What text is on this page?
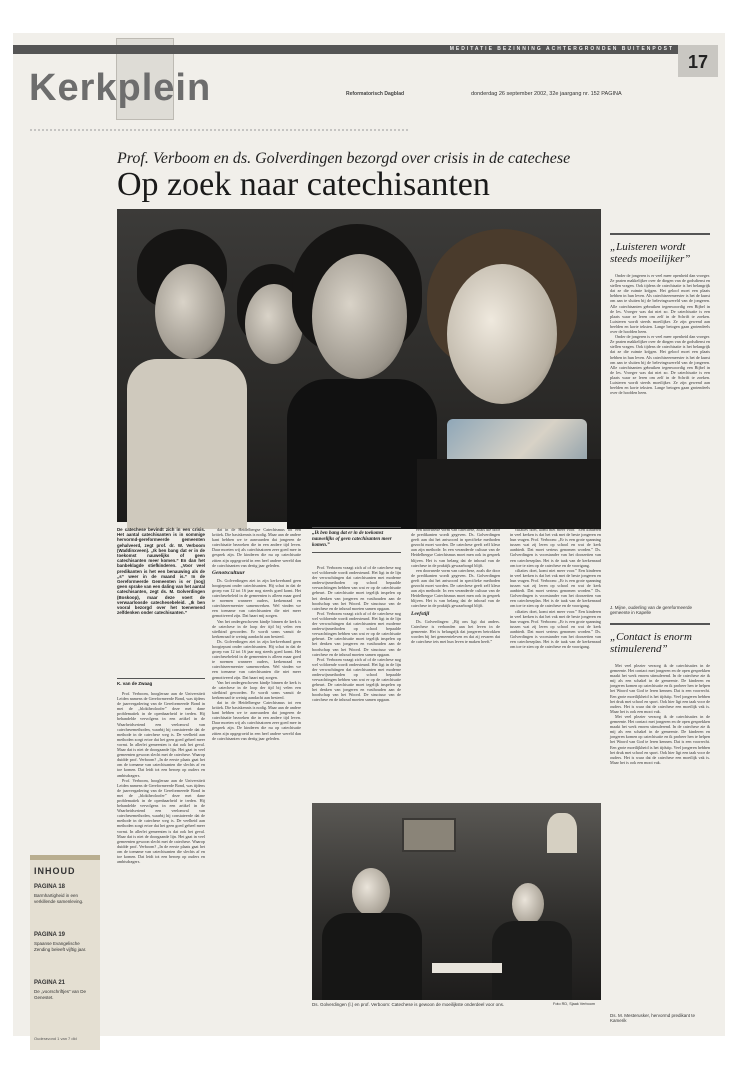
MEDITATIE BEZINNING ACHTERGRONDEN BUITENPOST
17
Kerkplein	Reformatorisch Dagblad	donderdag 26 september 2002, 32e jaargang nr. 152 PAGINA
Prof. Verboom en ds. Golverdingen bezorgd over crisis in de catechese
Op zoek naar catechisanten
De catechese bevindt zich in een crisis. Het aantal catechisanten is in sommige hervormd-gereformeerde gemeenten gehalveerd, zegt prof. dr. W. Verboom (Waddinxveen). „Ik ben bang dat er in de toekomst nauwelijks of geen catechisanten meer komen.” En dan het banbeklagde stiefkinderen. „Voor veel predikanten is het een benauwing als de „s” weer in de maand is.” In de Gereformeerde Gemeenten is er (nog) geen sprake van een daling van het aantal catechisanten, zegt ds. M. Golverdingen (Boskoop), maar deze voert de verwaarloosde catechesebeleid. „Ik ben vooral bezorgd over het toenemend zelfdenken onder catechisanten.”
K. van de Zwaag

Prof. Verboom, hoogleraar aan de Universiteit Leiden namens de Gereformeerde Bond, was tijdens de jaarvergadering van de Gereformeerde Bond in mei de „bloktheoloofer” deze met dane problematiek in de openbaarheid te treden. Hij behandelde vervolgens in een artikel in de Waarheidsvriend een veelomval van catechesemethoden, waarbij hij constateerde dat de methode in de catechese weg is. De veelheid aan methoden zorgt ertoe dat het geen goed geheel meer vormt. In allerlei gemeenten is dat ook het geval. Maar dat is niet de doorgaande lijn. Het gaat in veel gemeenten gewoon slecht met de catechese. Waarop duidde prof. Verboom? „In de eerste plaats gaat het om de toename van catechisanten die slechts af en toe komen. Dat leidt tot een beroep op ouders en ambtsdragers.

Prof. Verboom, hoogleraar aan de Universiteit Leiden namens de Gereformeerde Bond, was tijdens de jaarvergadering van de Gereformeerde Bond in mei de „bloktheoloofer” deze met dane problematiek in de openbaarheid te treden. Hij behandelde vervolgens in een artikel in de Waarheidsvriend een veelomval van catechesemethoden, waarbij hij constateerde dat de methode in de catechese weg is. De veelheid aan methoden zorgt ertoe dat het geen goed geheel meer vormt. In allerlei gemeenten is dat ook het geval. Maar dat is niet de doorgaande lijn. Het gaat in veel gemeenten gewoon slecht met de catechese. Waarop duidde prof. Verboom? „In de eerste plaats gaat het om de toename van catechisanten die slechts af en toe komen. Dat leidt tot een beroep op ouders en ambtsdragers.

dat in de Heidelbergse Catechismus tot een kritiek. Die basiskennis is nodig. Maar aan de andere kant hebben we te aanvaarden dat jongeren de catechisatie bezoeken die in een andere tijd leven. Daar moeten wij als catechisatoren zeer goed mee in gesprek zijn. De kinderen die nu op catechisatie zitten zijn opgegroeid in een heel andere wereld dan de catechisanten van dertig jaar geleden.

Genotscultuur

Ds. Golverdingen ziet in zijn kerkverband geen hoogtepunt onder catechisanten. Hij schat in dat de groep van 12 tot 16 jaar nog steeds goed komt. Het catechesebeleid in de gemeenten is alleen maar goed te noemen wanneer ouders, kerkenraad en catechiseermeester samenwerken. Wel vinden we een toename van catechisanten die niet meer gemotiveerd zijn. Dat baart mij zorgen.

Van het ondergeschoven kindje binnen de kerk is de catechese in de loop der tijd bij velen een stiefkind geworden. Er wordt soms vanuit de kerkenraad te weinig aandacht aan besteed.

Ds. Golverdingen ziet in zijn kerkverband geen hoogtepunt onder catechisanten. Hij schat in dat de groep van 12 tot 16 jaar nog steeds goed komt. Het catechesebeleid in de gemeenten is alleen maar goed te noemen wanneer ouders, kerkenraad en catechiseermeester samenwerken. Wel vinden we een toename van catechisanten die niet meer gemotiveerd zijn. Dat baart mij zorgen.

Van het ondergeschoven kindje binnen de kerk is de catechese in de loop der tijd bij velen een stiefkind geworden. Er wordt soms vanuit de kerkenraad te weinig aandacht aan besteed.

dat in de Heidelbergse Catechismus tot een kritiek. Die basiskennis is nodig. Maar aan de andere kant hebben we te aanvaarden dat jongeren de catechisatie bezoeken die in een andere tijd leven. Daar moeten wij als catechisatoren zeer goed mee in gesprek zijn. De kinderen die nu op catechisatie zitten zijn opgegroeid in een heel andere wereld dan de catechisanten van dertig jaar geleden.

„Ik ben bang dat er in de toekomst nauwelijks of geen catechisanten meer komen.”

Prof. Verboom vraagt zich af of de catechese nog wel voldoende wordt ondersteund. Het ligt in de lijn der verwachtingen dat catechisanten met moderne onderwijsmethoden op school bepaalde verwachtingen hebben van wat er op de catechisatie gebeurt. De catechisatie moet tegelijk inspelen op het denken van jongeren en vasthouden aan de boodschap van het Woord. De structuur van de catechese en de inhoud moeten samen opgaan.

Prof. Verboom vraagt zich af of de catechese nog wel voldoende wordt ondersteund. Het ligt in de lijn der verwachtingen dat catechisanten met moderne onderwijsmethoden op school bepaalde verwachtingen hebben van wat er op de catechisatie gebeurt. De catechisatie moet tegelijk inspelen op het denken van jongeren en vasthouden aan de boodschap van het Woord. De structuur van de catechese en de inhoud moeten samen opgaan.

Prof. Verboom vraagt zich af of de catechese nog wel voldoende wordt ondersteund. Het ligt in de lijn der verwachtingen dat catechisanten met moderne onderwijsmethoden op school bepaalde verwachtingen hebben van wat er op de catechisatie gebeurt. De catechisatie moet tegelijk inspelen op het denken van jongeren en vasthouden aan de boodschap van het Woord. De structuur van de catechese en de inhoud moeten samen opgaan.

een doorsnede vorm van catechese, zoals die door de predikanten wordt gegeven. Ds. Golverdingen geeft aan dat het antwoord in specifieke methoden gezocht moet worden. De catechese geeft zelf kleur aan zijn methode. In een veranderde cultuur van de Heidelbergse Catechismus moet men ook in gesprek blijven. Het is van belang dat de inhoud van de catechese in de praktijk gewaarborgd blijft.

een doorsnede vorm van catechese, zoals die door de predikanten wordt gegeven. Ds. Golverdingen geeft aan dat het antwoord in specifieke methoden gezocht moet worden. De catechese geeft zelf kleur aan zijn methode. In een veranderde cultuur van de Heidelbergse Catechismus moet men ook in gesprek blijven. Het is van belang dat de inhoud van de catechese in de praktijk gewaarborgd blijft.

Leefstijl

Ds. Golverdingen: „Bij ons ligt dat anders. Catechese is verbonden aan het leven in de gemeente. Het is belangrijk dat jongeren betrokken worden bij het gemeenteleven en dat zij ervaren dat de catechese iets met hun leven te maken heeft.”

ciliaties doet, komt niet meer voor.” Een kinderen in veel kerken is dat het vak met de beste jongeren en hun vragen. Prof. Verboom: „Er is een grote spanning tussen wat zij leren op school en wat de kerk aanbiedt. Dat moet serieus genomen worden.” Ds. Golverdingen is voorstander van het doorzetten van een catecheseplan. Het is de taak van de kerkenraad om toe te zien op de catechese en de voortgang.

ciliaties doet, komt niet meer voor.” Een kinderen in veel kerken is dat het vak met de beste jongeren en hun vragen. Prof. Verboom: „Er is een grote spanning tussen wat zij leren op school en wat de kerk aanbiedt. Dat moet serieus genomen worden.” Ds. Golverdingen is voorstander van het doorzetten van een catecheseplan. Het is de taak van de kerkenraad om toe te zien op de catechese en de voortgang.

ciliaties doet, komt niet meer voor.” Een kinderen in veel kerken is dat het vak met de beste jongeren en hun vragen. Prof. Verboom: „Er is een grote spanning tussen wat zij leren op school en wat de kerk aanbiedt. Dat moet serieus genomen worden.” Ds. Golverdingen is voorstander van het doorzetten van een catecheseplan. Het is de taak van de kerkenraad om toe te zien op de catechese en de voortgang.

Ds. Golverdingen (l.) en prof. Verboom: Catechese is gewoon de moeilijkste onderdeel voor ons.	Foto RD, Sjaak Verboom
INHOUD
PAGINA 18
Barmhartigheid in een verkillende samenleving.
PAGINA 19
Spaanse Evangelische Zending beleeft vijftig jaar.
PAGINA 21
De „voorschriftjes” van De Genestet.
Ouderavond 1 van 7 dld
„Luisteren wordt steeds moeilijker”

Onder de jongeren is er veel meer openheid dan vroeger. Ze praten makkelijker over de dingen van de godsdienst en stellen vragen. Ook tijdens de catechisatie is het belangrijk dat ze die ruimte krijgen. Het geloof moet een plaats hebben in hun leven. Als catechiseermeester is het de kunst om aan te sluiten bij de belevingswereld van de jongeren. Alle catechisanten gebruiken tegenwoordig een Bijbel in de les. Vroeger was dat niet zo. De catechisatie is een plaats waar ze leren om zelf in de Schrift te zoeken. Luisteren wordt steeds moeilijker. Ze zijn gewend aan beelden en korte teksten. Lange betogen gaan grotendeels over de hoofden heen.

Onder de jongeren is er veel meer openheid dan vroeger. Ze praten makkelijker over de dingen van de godsdienst en stellen vragen. Ook tijdens de catechisatie is het belangrijk dat ze die ruimte krijgen. Het geloof moet een plaats hebben in hun leven. Als catechiseermeester is het de kunst om aan te sluiten bij de belevingswereld van de jongeren. Alle catechisanten gebruiken tegenwoordig een Bijbel in de les. Vroeger was dat niet zo. De catechisatie is een plaats waar ze leren om zelf in de Schrift te zoeken. Luisteren wordt steeds moeilijker. Ze zijn gewend aan beelden en korte teksten. Lange betogen gaan grotendeels over de hoofden heen.

J. Mijne, ouderling van de gereformeerde gemeente in Kapelle
„Contact is enorm stimulerend”

Met veel plezier verzorg ik de catechisaties in de gemeente. Het contact met jongeren en de open gesprekken maakt het werk enorm stimulerend. In de catechese zie ik mij als een schakel in de gemeente. De kinderen en jongeren komen op catechisatie en ik probeer hen te helpen het Woord van God te leren kennen. Dat is een voorrecht. Een grote moeilijkheid is het tijdstip. Veel jongeren hebben het druk met school en sport. Ook hier ligt een taak voor de ouders. Het is waar dat de catechese een moeilijk vak is. Maar het is ook een mooi vak.

Met veel plezier verzorg ik de catechisaties in de gemeente. Het contact met jongeren en de open gesprekken maakt het werk enorm stimulerend. In de catechese zie ik mij als een schakel in de gemeente. De kinderen en jongeren komen op catechisatie en ik probeer hen te helpen het Woord van God te leren kennen. Dat is een voorrecht. Een grote moeilijkheid is het tijdstip. Veel jongeren hebben het druk met school en sport. Ook hier ligt een taak voor de ouders. Het is waar dat de catechese een moeilijk vak is. Maar het is ook een mooi vak.

Ds. M. Mesterusker, hervormd predikant te Kamerik
